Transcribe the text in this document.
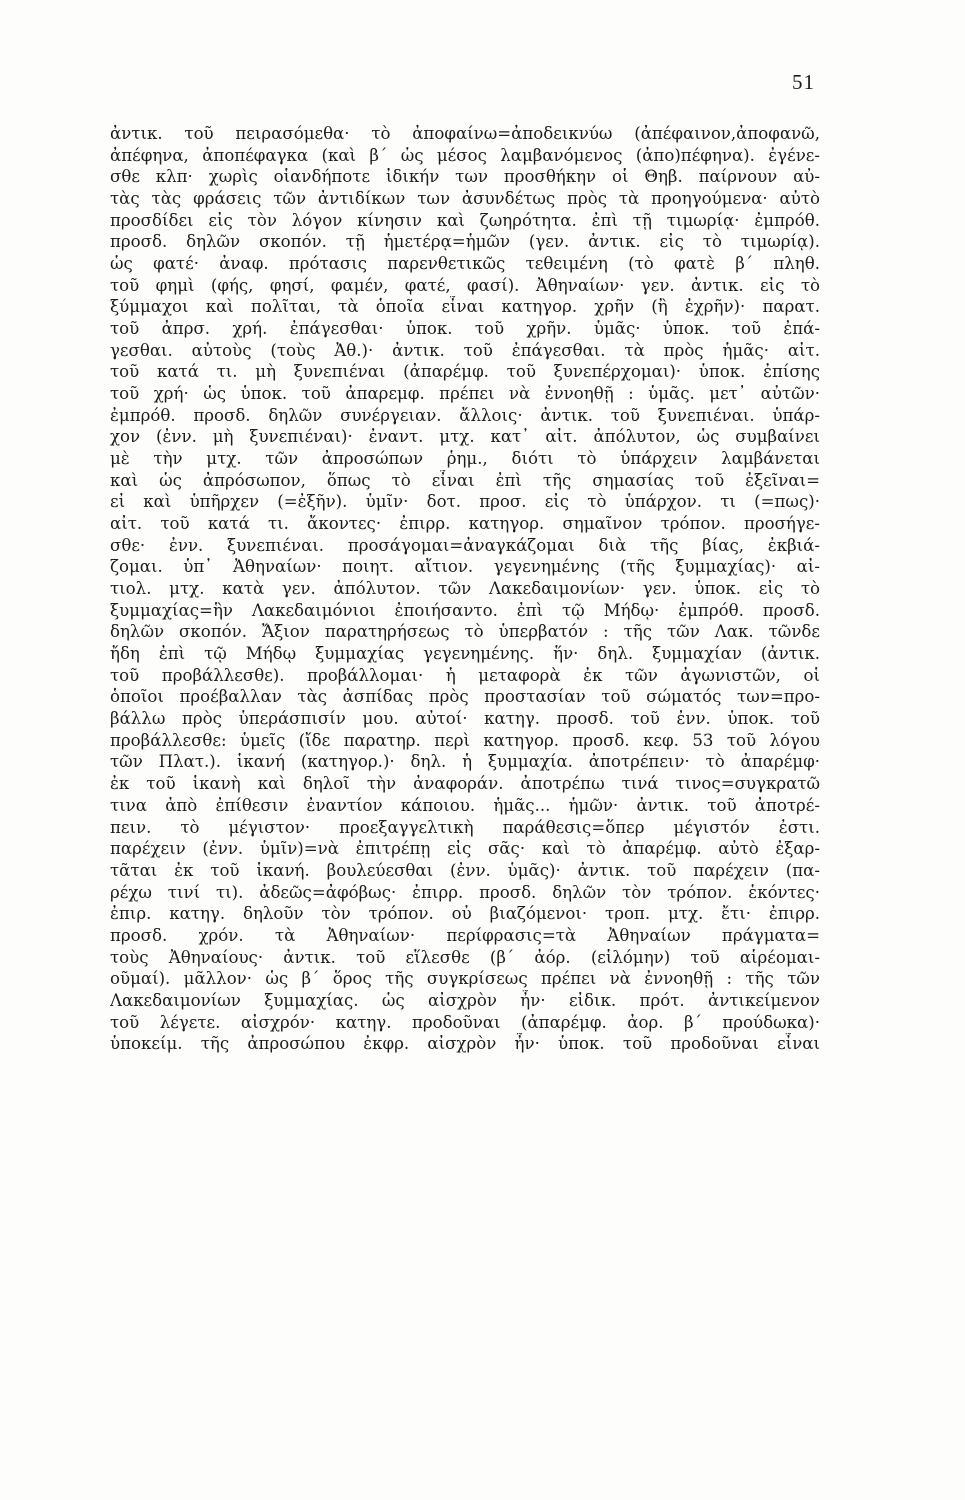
51
ἀντικ. τοῦ πειρασόμεθα· τὸ ἀποφαίνω=ἀποδεικνύω (ἀπέφαινον,ἀποφανῶ,
ἀπέφηνα, ἀποπέφαγκα (καὶ β΄ ὡς μέσος λαμβανόμενος (ἀπο)πέφηνα). ἐγένε-
σθε κλπ· χωρὶς οἱανδήποτε ἰδικήν των προσθήκην οἱ Θηβ. παίρνουν αὐ-
τὰς τὰς φράσεις τῶν ἀντιδίκων των ἀσυνδέτως πρὸς τὰ προηγούμενα· αὐτὸ
προσδίδει εἰς τὸν λόγον κίνησιν καὶ ζωηρότητα. ἐπὶ τῇ τιμωρίᾳ· ἐμπρόθ.
προσδ. δηλῶν σκοπόν. τῇ ἡμετέρᾳ=ἡμῶν (γεν. ἀντικ. εἰς τὸ τιμωρίᾳ).
ὡς φατέ· ἀναφ. πρότασις παρενθετικῶς τεθειμένη (τὸ φατὲ β΄ πληθ.
τοῦ φημὶ (φής, φησί, φαμέν, φατέ, φασί). Ἀθηναίων· γεν. ἀντικ. εἰς τὸ
ξύμμαχοι καὶ πολῖται, τὰ ὁποῖα εἶναι κατηγορ. χρῆν (ἢ ἐχρῆν)· παρατ.
τοῦ ἀπρσ. χρή. ἐπάγεσθαι· ὑποκ. τοῦ χρῆν. ὑμᾶς· ὑποκ. τοῦ ἐπά-
γεσθαι. αὐτοὺς (τοὺς Ἀθ.)· ἀντικ. τοῦ ἐπάγεσθαι. τὰ πρὸς ἡμᾶς· αἰτ.
τοῦ κατά τι. μὴ ξυνεπιέναι (ἀπαρέμφ. τοῦ ξυνεπέρχομαι)· ὑποκ. ἐπίσης
τοῦ χρή· ὡς ὑποκ. τοῦ ἀπαρεμφ. πρέπει νὰ ἐννοηθῇ : ὑμᾶς. μετ᾽ αὐτῶν·
ἐμπρόθ. προσδ. δηλῶν συνέργειαν. ἄλλοις· ἀντικ. τοῦ ξυνεπιέναι. ὑπάρ-
χον (ἐνν. μὴ ξυνεπιέναι)· ἐναντ. μτχ. κατ᾽ αἰτ. ἀπόλυτον, ὡς συμβαίνει
μὲ τὴν μτχ. τῶν ἀπροσώπων ῥημ., διότι τὸ ὑπάρχειν λαμβάνεται
καὶ ὡς ἀπρόσωπον, ὅπως τὸ εἶναι ἐπὶ τῆς σημασίας τοῦ ἐξεῖναι=
εἰ καὶ ὑπῆρχεν (=ἐξῆν). ὑμῖν· δοτ. προσ. εἰς τὸ ὑπάρχον. τι (=πως)·
αἰτ. τοῦ κατά τι. ἄκοντες· ἐπιρρ. κατηγορ. σημαῖνον τρόπον. προσήγε-
σθε· ἐνν. ξυνεπιέναι. προσάγομαι=ἀναγκάζομαι διὰ τῆς βίας, ἐκβιά-
ζομαι. ὑπ᾽ Ἀθηναίων· ποιητ. αἴτιον. γεγενημένης (τῆς ξυμμαχίας)· αἰ-
τιολ. μτχ. κατὰ γεν. ἀπόλυτον. τῶν Λακεδαιμονίων· γεν. ὑποκ. εἰς τὸ
ξυμμαχίας=ἣν Λακεδαιμόνιοι ἐποιήσαντο. ἐπὶ τῷ Μήδῳ· ἐμπρόθ. προσδ.
δηλῶν σκοπόν. Ἄξιον παρατηρήσεως τὸ ὑπερβατόν : τῆς τῶν Λακ. τῶνδε
ἤδη ἐπὶ τῷ Μήδῳ ξυμμαχίας γεγενημένης. ἥν· δηλ. ξυμμαχίαν (ἀντικ.
τοῦ προβάλλεσθε). προβάλλομαι· ἡ μεταφορὰ ἐκ τῶν ἀγωνιστῶν, οἱ
ὁποῖοι προέβαλλαν τὰς ἀσπίδας πρὸς προστασίαν τοῦ σώματός των=προ-
βάλλω πρὸς ὑπεράσπισίν μου. αὐτοί· κατηγ. προσδ. τοῦ ἐνν. ὑποκ. τοῦ
προβάλλεσθε: ὑμεῖς (ἴδε παρατηρ. περὶ κατηγορ. προσδ. κεφ. 53 τοῦ λόγου
τῶν Πλατ.). ἱκανή (κατηγορ.)· δηλ. ἡ ξυμμαχία. ἀποτρέπειν· τὸ ἀπαρέμφ·
ἐκ τοῦ ἱκανὴ καὶ δηλοῖ τὴν ἀναφοράν. ἀποτρέπω τινά τινος=συγκρατῶ
τινα ἀπὸ ἐπίθεσιν ἐναντίον κάποιου. ἡμᾶς... ἡμῶν· ἀντικ. τοῦ ἀποτρέ-
πειν. τὸ μέγιστον· προεξαγγελτικὴ παράθεσις=ὅπερ μέγιστόν ἐστι.
παρέχειν (ἐνν. ὑμῖν)=νὰ ἐπιτρέπῃ εἰς σᾶς· καὶ τὸ ἀπαρέμφ. αὐτὸ ἐξαρ-
τᾶται ἐκ τοῦ ἱκανή. βουλεύεσθαι (ἐνν. ὑμᾶς)· ἀντικ. τοῦ παρέχειν (πα-
ρέχω τινί τι). ἀδεῶς=ἀφόβως· ἐπιρρ. προσδ. δηλῶν τὸν τρόπον. ἑκόντες·
ἐπιρ. κατηγ. δηλοῦν τὸν τρόπον. οὐ βιαζόμενοι· τροπ. μτχ. ἔτι· ἐπιρρ.
προσδ. χρόν. τὰ Ἀθηναίων· περίφρασις=τὰ Ἀθηναίων πράγματα=
τοὺς Ἀθηναίους· ἀντικ. τοῦ εἵλεσθε (β΄ ἀόρ. (εἱλόμην) τοῦ αἱρέομαι-
οῦμαί). μᾶλλον· ὡς β΄ ὅρος τῆς συγκρίσεως πρέπει νὰ ἐννοηθῇ : τῆς τῶν
Λακεδαιμονίων ξυμμαχίας. ὡς αἰσχρὸν ἦν· εἰδικ. πρότ. ἀντικείμενον
τοῦ λέγετε. αἰσχρόν· κατηγ. προδοῦναι (ἀπαρέμφ. ἀορ. β΄ προύδωκα)·
ὑποκείμ. τῆς ἀπροσώπου ἐκφρ. αἰσχρὸν ἦν· ὑποκ. τοῦ προδοῦναι εἶναι
